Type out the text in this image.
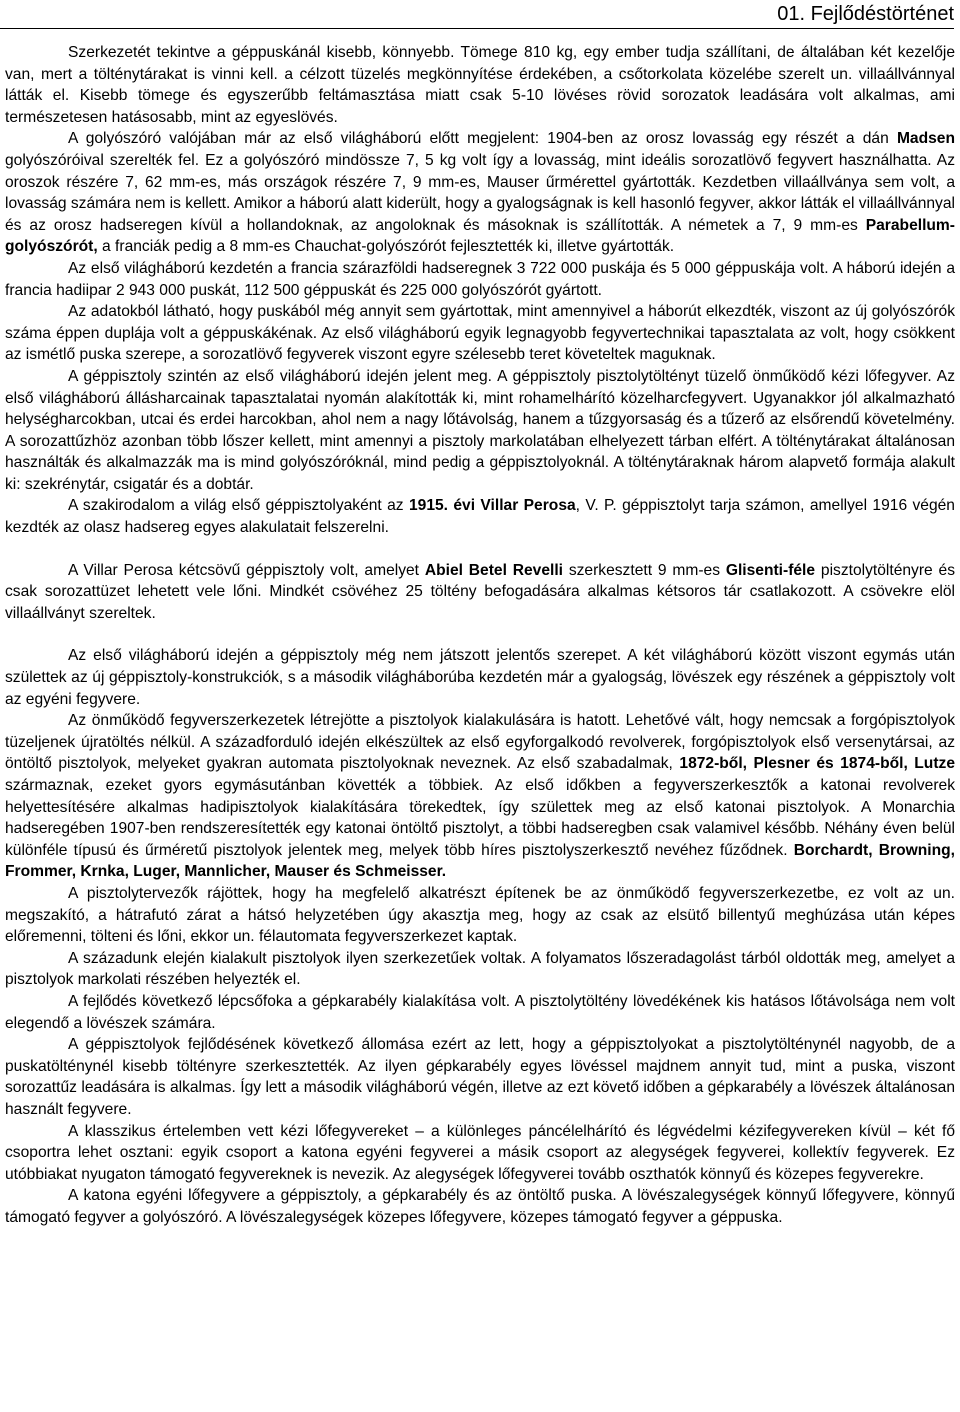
01. Fejlődéstörténet

Szerkezetét tekintve a géppuskánál kisebb, könnyebb. Tömege 810 kg, egy ember tudja szállítani, de általában két kezelője van, mert a tölténytárakat is vinni kell. a célzott tüzelés megkönnyítése érdekében, a csőtorkolata közelébe szerelt un. villaállvánnyal látták el. Kisebb tömege és egyszerűbb feltámasztása miatt csak 5-10 lövéses rövid sorozatok leadására volt alkalmas, ami természetesen hatásosabb, mint az egyeslövés.

A golyószóró valójában már az első világháború előtt megjelent: 1904-ben az orosz lovasság egy részét a dán Madsen golyószóróival szerelték fel. Ez a golyószóró mindössze 7, 5 kg volt így a lovasság, mint ideális sorozatlövő fegyvert használhatta. Az oroszok részére 7, 62 mm-es, más országok részére 7, 9 mm-es, Mauser űrmérettel gyártották. Kezdetben villaállványa sem volt, a lovasság számára nem is kellett. Amikor a háború alatt kiderült, hogy a gyalogságnak is kell hasonló fegyver, akkor látták el villaállvánnyal és az orosz hadseregen kívül a hollandoknak, az angoloknak és másoknak is szállították. A németek a 7, 9 mm-es Parabellum-golyószórót, a franciák pedig a 8 mm-es Chauchat-golyószórót fejlesztették ki, illetve gyártották.

Az első világháború kezdetén a francia szárazföldi hadseregnek 3 722 000 puskája és 5 000 géppuskája volt. A háború idején a francia hadiipar 2 943 000 puskát, 112 500 géppuskát és 225 000 golyószórót gyártott.

Az adatokból látható, hogy puskából még annyit sem gyártottak, mint amennyivel a háborút elkezdték, viszont az új golyószórók száma éppen duplája volt a géppuskákénak. Az első világháború egyik legnagyobb fegyvertechnikai tapasztalata az volt, hogy csökkent az ismétlő puska szerepe, a sorozatlövő fegyverek viszont egyre szélesebb teret követeltek maguknak.

A géppisztoly szintén az első világháború idején jelent meg. A géppisztoly pisztolytöltényt tüzelő önműködő kézi lőfegyver. Az első világháború állásharcainak tapasztalatai nyomán alakították ki, mint rohamelhárító közelharcfegyvert. Ugyanakkor jól alkalmazható helységharcokban, utcai és erdei harcokban, ahol nem a nagy lőtávolság, hanem a tűzgyorsaság és a tűzerő az elsőrendű követelmény. A sorozattűzhöz azonban több lőszer kellett, mint amennyi a pisztoly markolatában elhelyezett tárban elfért. A tölténytárakat általánosan használták és alkalmazzák ma is mind golyószóróknál, mind pedig a géppisztolyoknál. A tölténytáraknak három alapvető formája alakult ki: szekrénytár, csigatár és a dobtár.

A szakirodalom a világ első géppisztolyaként az 1915. évi Villar Perosa, V. P. géppisztolyt tarja számon, amellyel 1916 végén kezdték az olasz hadsereg egyes alakulatait felszerelni.

A Villar Perosa kétcsövű géppisztoly volt, amelyet Abiel Betel Revelli szerkesztett 9 mm-es Glisenti-féle pisztolytöltényre és csak sorozattüzet lehetett vele lőni. Mindkét csövéhez 25 töltény befogadására alkalmas kétsoros tár csatlakozott. A csövekre elöl villaállványt szereltek.

Az első világháború idején a géppisztoly még nem játszott jelentős szerepet. A két világháború között viszont egymás után születtek az új géppisztoly-konstrukciók, s a második világháborúba kezdetén már a gyalogság, lövészek egy részének a géppisztoly volt az egyéni fegyvere.

Az önműködő fegyverszerkezetek létrejötte a pisztolyok kialakulására is hatott. Lehetővé vált, hogy nemcsak a forgópisztolyok tüzeljenek újratöltés nélkül. A századforduló idején elkészültek az első egyforgalkodó revolverek, forgópisztolyok első versenytársai, az öntöltő pisztolyok, melyeket gyakran automata pisztolyoknak neveznek. Az első szabadalmak, 1872-ből, Plesner és 1874-ből, Lutze származnak, ezeket gyors egymásutánban követték a többiek. Az első időkben a fegyverszerkesztők a katonai revolverek helyettesítésére alkalmas hadipisztolyok kialakítására törekedtek, így születtek meg az első katonai pisztolyok. A Monarchia hadseregében 1907-ben rendszeresítették egy katonai öntöltő pisztolyt, a többi hadseregben csak valamivel később. Néhány éven belül különféle típusú és űrméretű pisztolyok jelentek meg, melyek több híres pisztolyszerkesztő nevéhez fűződnek. Borchardt, Browning, Frommer, Krnka, Luger, Mannlicher, Mauser és Schmeisser.

A pisztolytervezők rájöttek, hogy ha megfelelő alkatrészt építenek be az önműködő fegyverszerkezetbe, ez volt az un. megszakító, a hátrafutó zárat a hátsó helyzetében úgy akasztja meg, hogy az csak az elsütő billentyű meghúzása után képes előremenni, tölteni és lőni, ekkor un. félautomata fegyverszerkezet kaptak.

A századunk elején kialakult pisztolyok ilyen szerkezetűek voltak. A folyamatos lőszeradagolást tárból oldották meg, amelyet a pisztolyok markolati részében helyezték el.

A fejlődés következő lépcsőfoka a gépkarabély kialakítása volt. A pisztolytöltény lövedékének kis hatásos lőtávolsága nem volt elegendő a lövészek számára.

A géppisztolyok fejlődésének következő állomása ezért az lett, hogy a géppisztolyokat a pisztolytölténynél nagyobb, de a puskatölténynél kisebb töltényre szerkesztették. Az ilyen gépkarabély egyes lövéssel majdnem annyit tud, mint a puska, viszont sorozattűz leadására is alkalmas. Így lett a második világháború végén, illetve az ezt követő időben a gépkarabély a lövészek általánosan használt fegyvere.

A klasszikus értelemben vett kézi lőfegyvereket – a különleges páncélelhárító és légvédelmi kézifegyvereken kívül – két fő csoportra lehet osztani: egyik csoport a katona egyéni fegyverei a másik csoport az alegységek fegyverei, kollektív fegyverek. Ez utóbbiakat nyugaton támogató fegyvereknek is nevezik. Az alegységek lőfegyverei tovább oszthatók könnyű és közepes fegyverekre.

A katona egyéni lőfegyvere a géppisztoly, a gépkarabély és az öntöltő puska. A lövészalegységek könnyű lőfegyvere, könnyű támogató fegyver a golyószóró. A lövészalegységek közepes lőfegyvere, közepes támogató fegyver a géppuska.
